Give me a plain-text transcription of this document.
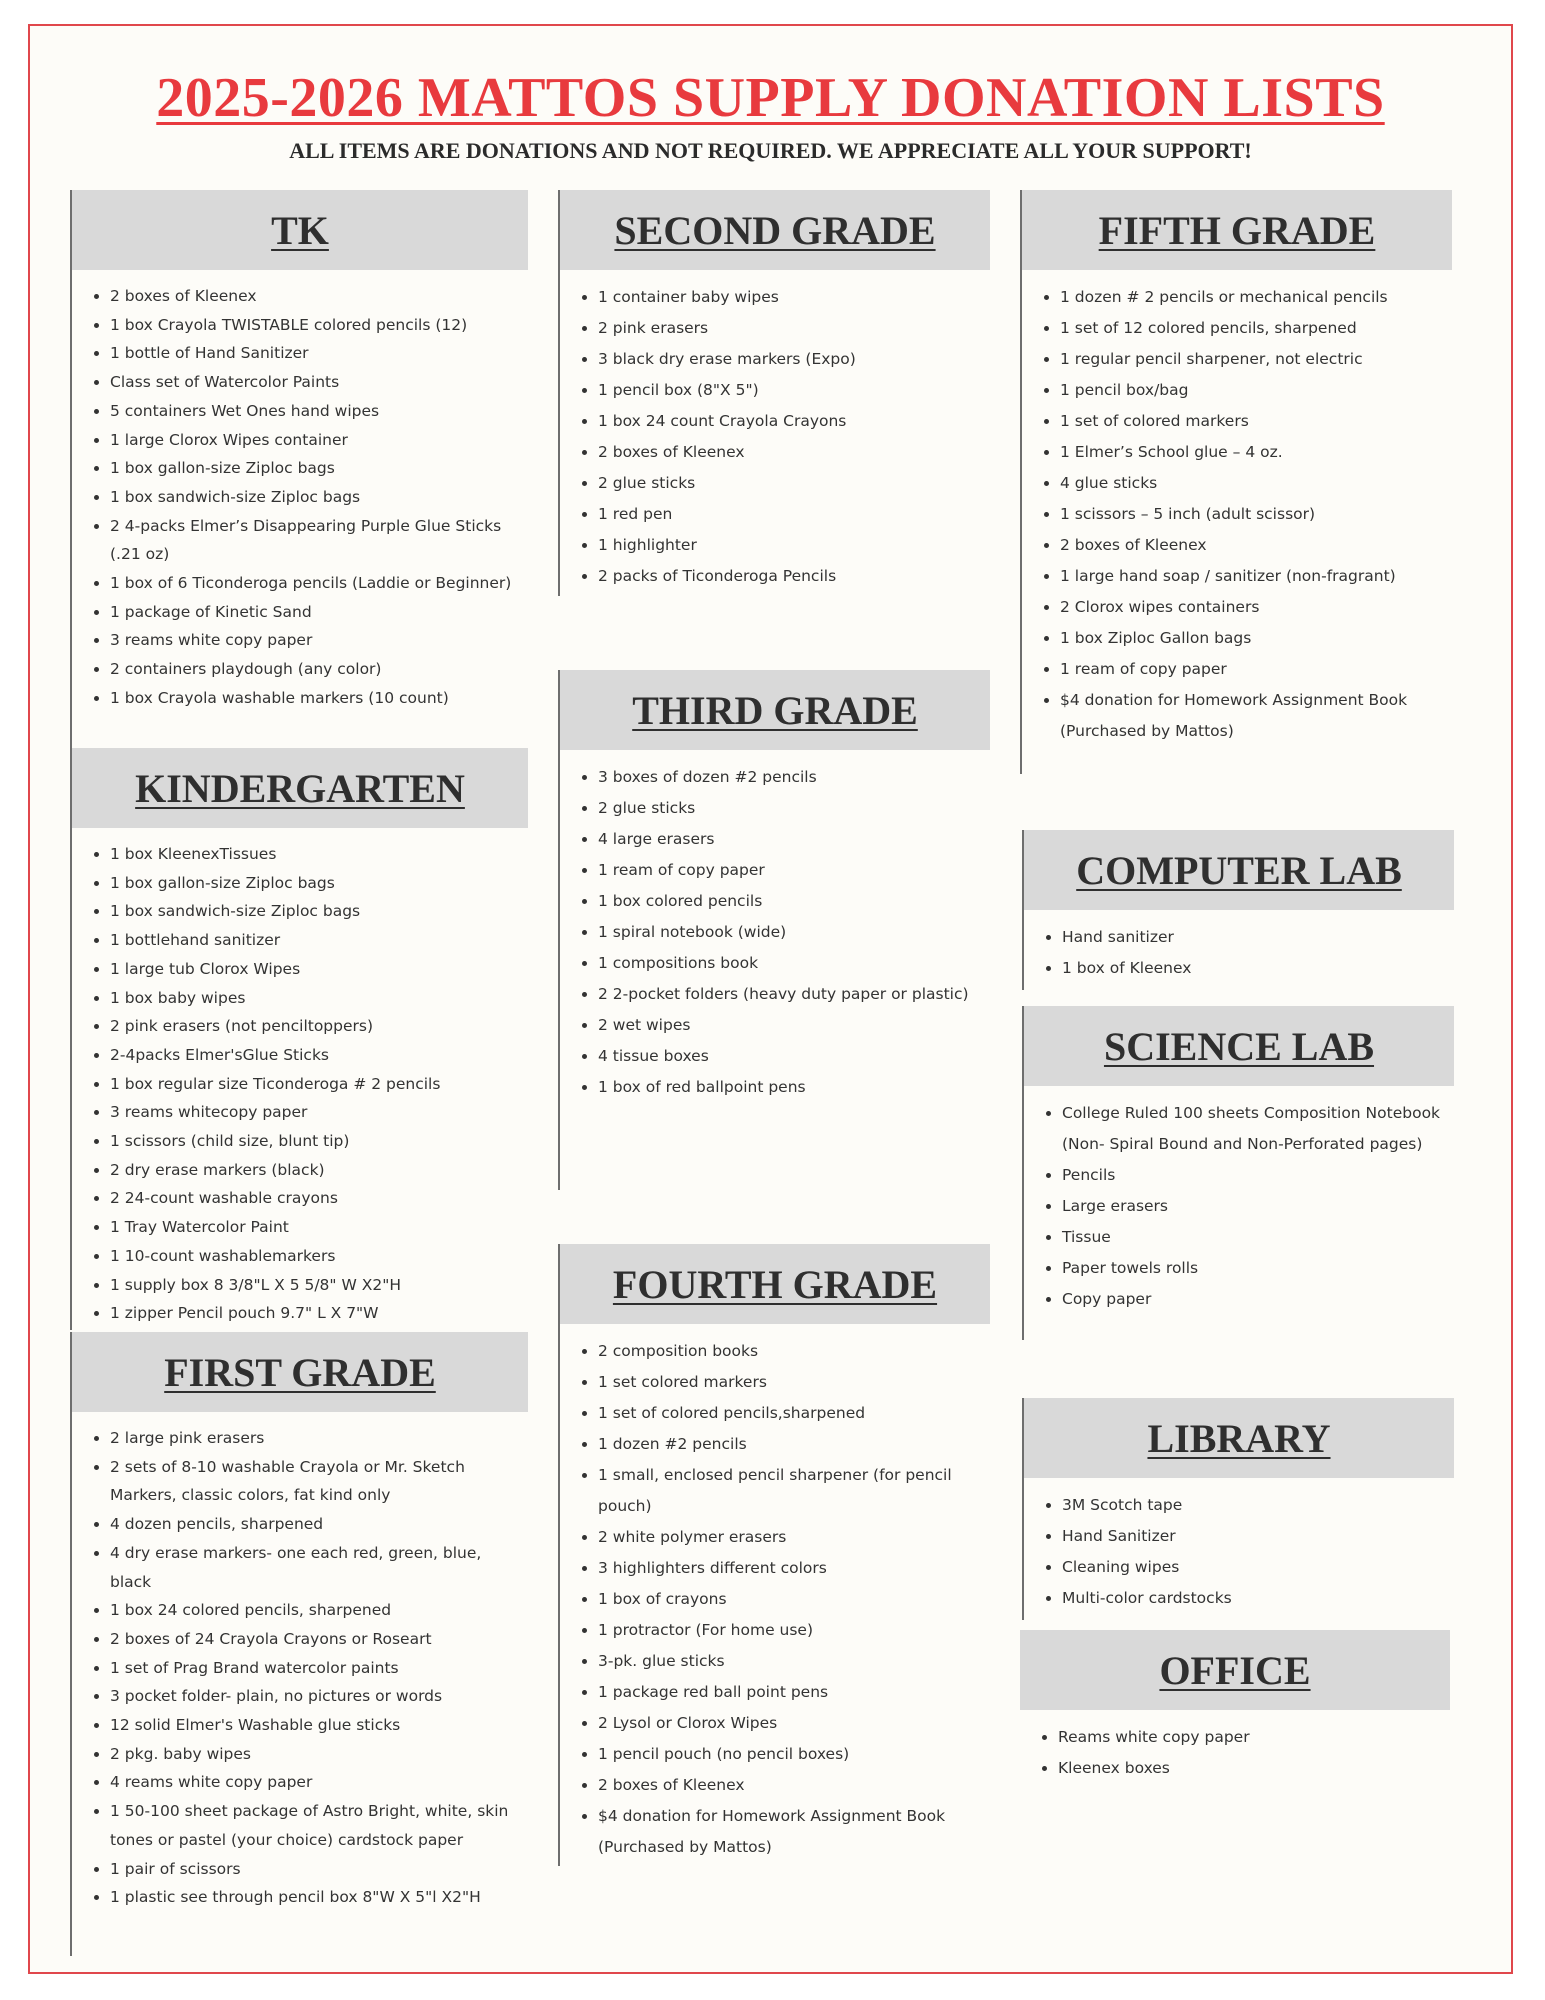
2025-2026 MATTOS SUPPLY DONATION LISTS
ALL ITEMS ARE DONATIONS AND NOT REQUIRED. WE APPRECIATE ALL YOUR SUPPORT!
TK
• 2 boxes of Kleenex
• 1 box Crayola TWISTABLE colored pencils (12)
• 1 bottle of Hand Sanitizer
• Class set of Watercolor Paints
• 5 containers Wet Ones hand wipes
• 1 large Clorox Wipes container
• 1 box gallon-size Ziploc bags
• 1 box sandwich-size Ziploc bags
• 2 4-packs Elmer’s Disappearing Purple Glue Sticks (.21 oz)
• 1 box of 6 Ticonderoga pencils (Laddie or Beginner)
• 1 package of Kinetic Sand
• 3 reams white copy paper
• 2 containers playdough (any color)
• 1 box Crayola washable markers (10 count)
KINDERGARTEN
• 1 box KleenexTissues
• 1 box gallon-size Ziploc bags
• 1 box sandwich-size Ziploc bags
• 1 bottlehand sanitizer
• 1 large tub Clorox Wipes
• 1 box baby wipes
• 2 pink erasers (not penciltoppers)
• 2-4packs Elmer'sGlue Sticks
• 1 box regular size Ticonderoga # 2 pencils
• 3 reams whitecopy paper
• 1 scissors (child size, blunt tip)
• 2 dry erase markers (black)
• 2 24-count washable crayons
• 1 Tray Watercolor Paint
• 1 10-count washablemarkers
• 1 supply box 8 3/8"L X 5 5/8" W X2"H
• 1 zipper Pencil pouch 9.7" L X 7"W
FIRST GRADE
• 2 large pink erasers
• 2 sets of 8-10 washable Crayola or Mr. Sketch Markers, classic colors, fat kind only
• 4 dozen pencils, sharpened
• 4 dry erase markers- one each red, green, blue, black
• 1 box 24 colored pencils, sharpened
• 2 boxes of 24 Crayola Crayons or Roseart
• 1 set of Prag Brand watercolor paints
• 3 pocket folder- plain, no pictures or words
• 12 solid Elmer's Washable glue sticks
• 2 pkg. baby wipes
• 4 reams white copy paper
• 1 50-100 sheet package of Astro Bright, white, skin tones or pastel (your choice) cardstock paper
• 1 pair of scissors
• 1 plastic see through pencil box 8"W X 5"l X2"H
SECOND GRADE
• 1 container baby wipes
• 2 pink erasers
• 3 black dry erase markers (Expo)
• 1 pencil box (8"X 5")
• 1 box 24 count Crayola Crayons
• 2 boxes of Kleenex
• 2 glue sticks
• 1 red pen
• 1 highlighter
• 2 packs of Ticonderoga Pencils
THIRD GRADE
• 3 boxes of dozen #2 pencils
• 2 glue sticks
• 4 large erasers
• 1 ream of copy paper
• 1 box colored pencils
• 1 spiral notebook (wide)
• 1 compositions book
• 2 2-pocket folders (heavy duty paper or plastic)
• 2 wet wipes
• 4 tissue boxes
• 1 box of red ballpoint pens
FOURTH GRADE
• 2 composition books
• 1 set colored markers
• 1 set of colored pencils,sharpened
• 1 dozen #2 pencils
• 1 small, enclosed pencil sharpener (for pencil pouch)
• 2 white polymer erasers
• 3 highlighters different colors
• 1 box of crayons
• 1 protractor (For home use)
• 3-pk. glue sticks
• 1 package red ball point pens
• 2 Lysol or Clorox Wipes
• 1 pencil pouch (no pencil boxes)
• 2 boxes of Kleenex
• $4 donation for Homework Assignment Book (Purchased by Mattos)
FIFTH GRADE
• 1 dozen # 2 pencils or mechanical pencils
• 1 set of 12 colored pencils, sharpened
• 1 regular pencil sharpener, not electric
• 1 pencil box/bag
• 1 set of colored markers
• 1 Elmer’s School glue – 4 oz.
• 4 glue sticks
• 1 scissors – 5 inch (adult scissor)
• 2 boxes of Kleenex
• 1 large hand soap / sanitizer (non-fragrant)
• 2 Clorox wipes containers
• 1 box Ziploc Gallon bags
• 1 ream of copy paper
• $4 donation for Homework Assignment Book (Purchased by Mattos)
COMPUTER LAB
• Hand sanitizer
• 1 box of Kleenex
SCIENCE LAB
• College Ruled 100 sheets Composition Notebook (Non- Spiral Bound and Non-Perforated pages)
• Pencils
• Large erasers
• Tissue
• Paper towels rolls
• Copy paper
LIBRARY
• 3M Scotch tape
• Hand Sanitizer
• Cleaning wipes
• Multi-color cardstocks
OFFICE
• Reams white copy paper
• Kleenex boxes
